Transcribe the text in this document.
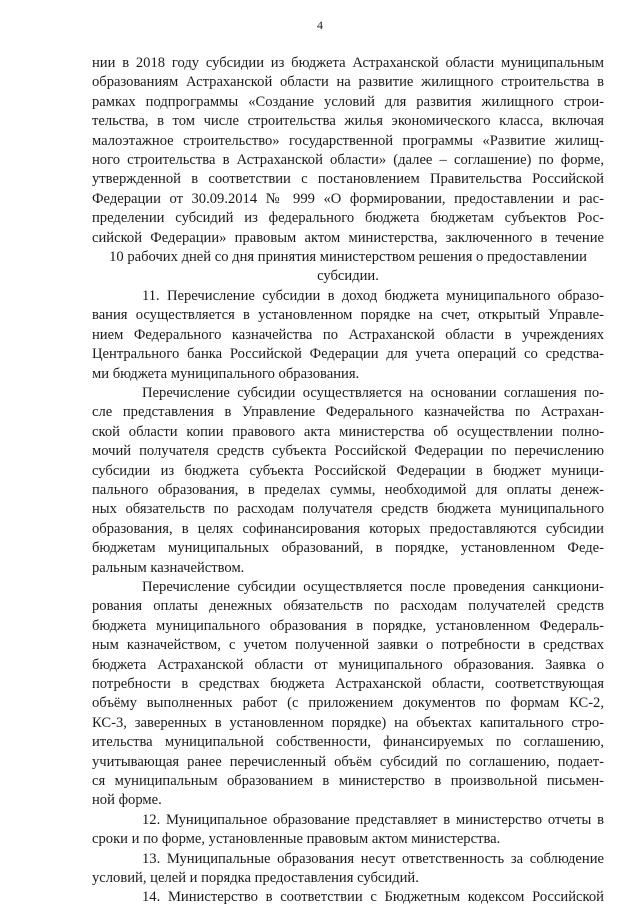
4
нии в 2018 году субсидии из бюджета Астраханской области муниципальным
образованиям Астраханской области на развитие жилищного строительства в
рамках подпрограммы «Создание условий для развития жилищного строи-
тельства, в том числе строительства жилья экономического класса, включая
малоэтажное строительство» государственной программы «Развитие жилищ-
ного строительства в Астраханской области» (далее – соглашение) по форме,
утвержденной в соответствии с постановлением Правительства Российской
Федерации от 30.09.2014 № 999 «О формировании, предоставлении и рас-
пределении субсидий из федерального бюджета бюджетам субъектов Рос-
сийской Федерации» правовым актом министерства, заключенного в течение
10 рабочих дней со дня принятия министерством решения о предоставлении
субсидии.
11. Перечисление субсидии в доход бюджета муниципального образо-
вания осуществляется в установленном порядке на счет, открытый Управле-
нием Федерального казначейства по Астраханской области в учреждениях
Центрального банка Российской Федерации для учета операций со средства-
ми бюджета муниципального образования.
Перечисление субсидии осуществляется на основании соглашения по-
сле представления в Управление Федерального казначейства по Астрахан-
ской области копии правового акта министерства об осуществлении полно-
мочий получателя средств субъекта Российской Федерации по перечислению
субсидии из бюджета субъекта Российской Федерации в бюджет муници-
пального образования, в пределах суммы, необходимой для оплаты денеж-
ных обязательств по расходам получателя средств бюджета муниципального
образования, в целях софинансирования которых предоставляются субсидии
бюджетам муниципальных образований, в порядке, установленном Феде-
ральным казначейством.
Перечисление субсидии осуществляется после проведения санкциони-
рования оплаты денежных обязательств по расходам получателей средств
бюджета муниципального образования в порядке, установленном Федераль-
ным казначейством, с учетом полученной заявки о потребности в средствах
бюджета Астраханской области от муниципального образования. Заявка о
потребности в средствах бюджета Астраханской области, соответствующая
объёму выполненных работ (с приложением документов по формам КС-2,
КС-3, заверенных в установленном порядке) на объектах капитального стро-
ительства муниципальной собственности, финансируемых по соглашению,
учитывающая ранее перечисленный объём субсидий по соглашению, подает-
ся муниципальным образованием в министерство в произвольной письмен-
ной форме.
12. Муниципальное образование представляет в министерство отчеты в
сроки и по форме, установленные правовым актом министерства.
13. Муниципальные образования несут ответственность за соблюдение
условий, целей и порядка предоставления субсидий.
14. Министерство в соответствии с Бюджетным кодексом Российской
